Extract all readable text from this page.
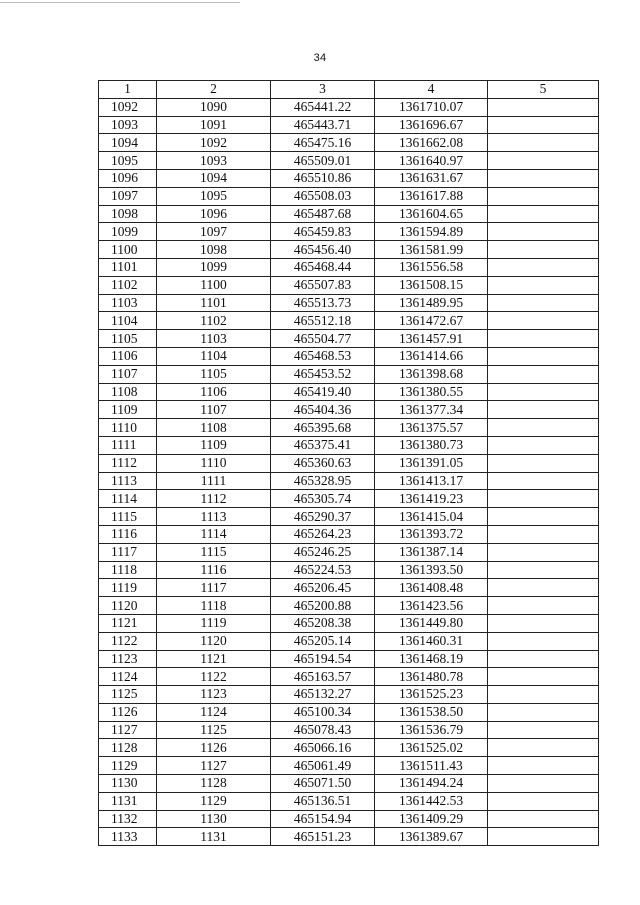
34
1	2	3	4	5
1092	1090	465441.22	1361710.07	
1093	1091	465443.71	1361696.67	
1094	1092	465475.16	1361662.08	
1095	1093	465509.01	1361640.97	
1096	1094	465510.86	1361631.67	
1097	1095	465508.03	1361617.88	
1098	1096	465487.68	1361604.65	
1099	1097	465459.83	1361594.89	
1100	1098	465456.40	1361581.99	
1101	1099	465468.44	1361556.58	
1102	1100	465507.83	1361508.15	
1103	1101	465513.73	1361489.95	
1104	1102	465512.18	1361472.67	
1105	1103	465504.77	1361457.91	
1106	1104	465468.53	1361414.66	
1107	1105	465453.52	1361398.68	
1108	1106	465419.40	1361380.55	
1109	1107	465404.36	1361377.34	
1110	1108	465395.68	1361375.57	
1111	1109	465375.41	1361380.73	
1112	1110	465360.63	1361391.05	
1113	1111	465328.95	1361413.17	
1114	1112	465305.74	1361419.23	
1115	1113	465290.37	1361415.04	
1116	1114	465264.23	1361393.72	
1117	1115	465246.25	1361387.14	
1118	1116	465224.53	1361393.50	
1119	1117	465206.45	1361408.48	
1120	1118	465200.88	1361423.56	
1121	1119	465208.38	1361449.80	
1122	1120	465205.14	1361460.31	
1123	1121	465194.54	1361468.19	
1124	1122	465163.57	1361480.78	
1125	1123	465132.27	1361525.23	
1126	1124	465100.34	1361538.50	
1127	1125	465078.43	1361536.79	
1128	1126	465066.16	1361525.02	
1129	1127	465061.49	1361511.43	
1130	1128	465071.50	1361494.24	
1131	1129	465136.51	1361442.53	
1132	1130	465154.94	1361409.29	
1133	1131	465151.23	1361389.67	
